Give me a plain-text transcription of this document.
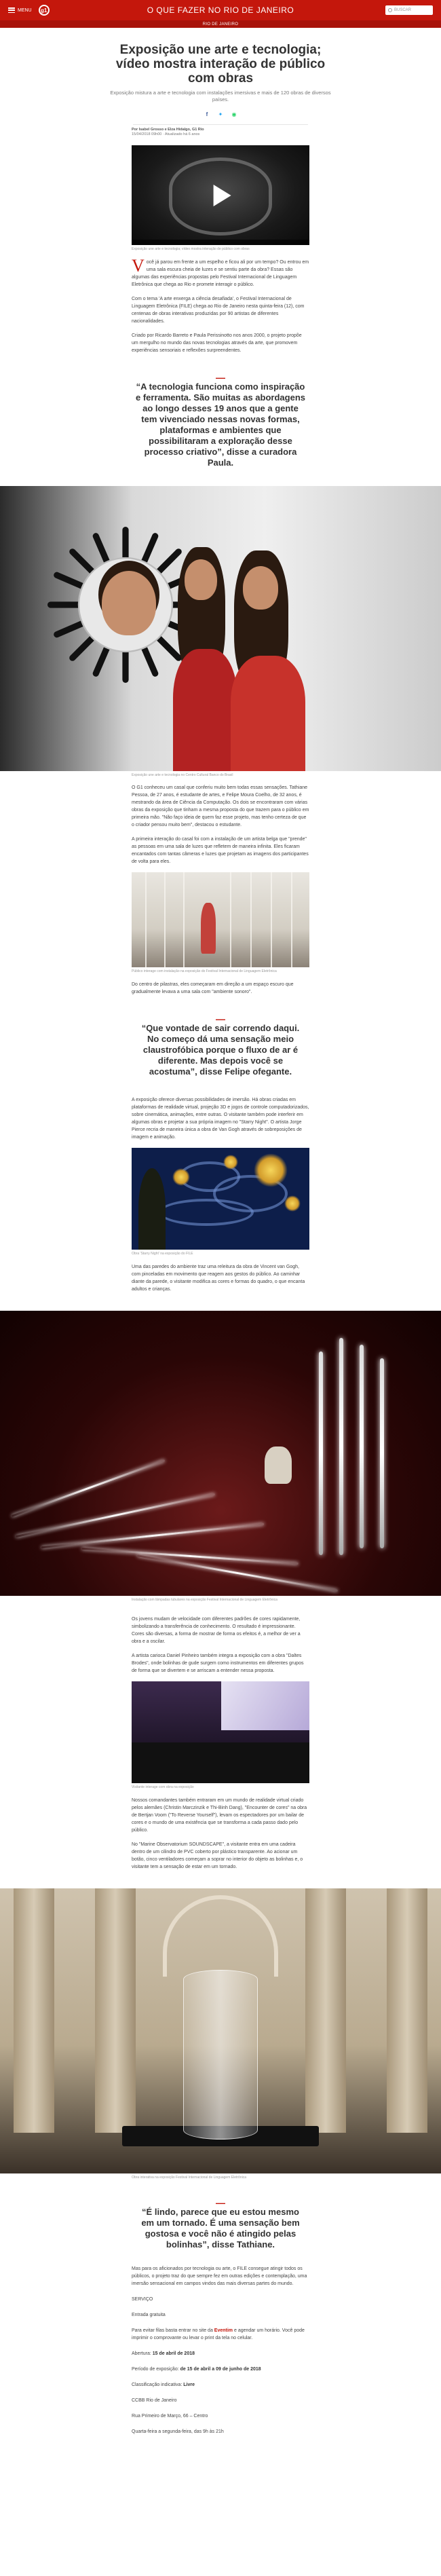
MENU	g1	O QUE FAZER NO RIO DE JANEIRO	BUSCAR
RIO DE JANEIRO
Exposição une arte e tecnologia; vídeo mostra interação de público com obras

Exposição mistura a arte e tecnologia com instalações imersivas e mais de 120 obras de diversos países.

f	✦ ◉
Por Isabel Grosso e Elza Hidalgo, G1 Rio
15/04/2018 09h00 · Atualizado há 6 anos
Exposição une arte e tecnologia; vídeo mostra interação de público com obras

Você já parou em frente a um espelho e ficou ali por um tempo? Ou entrou em uma sala escura cheia de luzes e se sentiu parte da obra? Essas são algumas das experiências propostas pelo Festival Internacional de Linguagem Eletrônica que chega ao Rio e promete interagir o público.

Com o tema 'A arte enxerga a ciência desafiada', o Festival Internacional de Linguagem Eletrônica (FILE) chega ao Rio de Janeiro nesta quinta-feira (12), com centenas de obras interativas produzidas por 90 artistas de diferentes nacionalidades.

Criado por Ricardo Barreto e Paula Perissinotto nos anos 2000, o projeto propõe um mergulho no mundo das novas tecnologias através da arte, que promovem experiências sensoriais e reflexões surpreendentes.

—

“A tecnologia funciona como inspiração e ferramenta. São muitas as abordagens ao longo desses 19 anos que a gente tem vivenciado nessas novas formas, plataformas e ambientes que possibilitaram a exploração desse processo criativo”, disse a curadora Paula.

Exposição une arte e tecnologia no Centro Cultural Banco do Brasil

O G1 conheceu um casal que conferiu muito bem todas essas sensações. Tathiane Pessoa, de 27 anos, é estudante de artes, e Felipe Moura Coelho, de 32 anos, é mestrando da área de Ciência da Computação. Os dois se encontraram com várias obras da exposição que tinham a mesma proposta do que trazem para o público em primeira mão. "Não faço ideia de quem faz esse projeto, mas tenho certeza de que o criador pensou muito bem", destacou o estudante.

A primeira interação do casal foi com a instalação de um artista belga que "prende" as pessoas em uma sala de luzes que refletem de maneira infinita. Eles ficaram encantados com tantas câmeras e luzes que projetam as imagens dos participantes de volta para eles.

Público interage com instalação na exposição do Festival Internacional de Linguagem Eletrônica

Do centro de pilastras, eles começaram em direção a um espaço escuro que gradualmente levava a uma sala com "ambiente sonoro".

—

“Que vontade de sair correndo daqui. No começo dá uma sensação meio claustrofóbica porque o fluxo de ar é diferente. Mas depois você se acostuma”, disse Felipe ofegante.

A exposição oferece diversas possibilidades de imersão. Há obras criadas em plataformas de realidade virtual, projeção 3D e jogos de controle computadorizados, sobre cinemática, animações, entre outras. O visitante também pode interferir em algumas obras e projetar a sua própria imagem no "Starry Night". O artista Jorge Pierce recria de maneira única a obra de Van Gogh através de sobreposições de imagem e animação.

Obra 'Starry Night' na exposição do FILE

Uma das paredes do ambiente traz uma releitura da obra de Vincent van Gogh, com pinceladas em movimento que reagem aos gestos do público. Ao caminhar diante da parede, o visitante modifica as cores e formas do quadro, o que encanta adultos e crianças.

Instalação com lâmpadas tubulares na exposição Festival Internacional de Linguagem Eletrônica

Os jovens mudam de velocidade com diferentes padrões de cores rapidamente, simbolizando a transferência de conhecimento. O resultado é impressionante. Cores são diversas, a forma de mostrar de forma os efeitos é, a melhor de ver a obra e a oscilar.

A artista carioca Daniel Pinheiro também integra a exposição com a obra "Daltes Brodes", onde bolinhas de gude surgem como instrumentos em diferentes grupos de forma que se divertem e se arriscam a entender nessa proposta.

Visitante interage com obra na exposição

Nossos comandantes também entraram em um mundo de realidade virtual criado pelos alemães (Christin Marczinzik e Thi-Binh Dang), "Encounter de cores" na obra de Bertjan Voom ("To Reverse Yourself"), levam os espectadores por um bailar de cores e o mundo de uma existência que se transforma a cada passo dado pelo público.

No "Marine Observatorium SOUNDSCAPE", a visitante entra em uma cadeira dentro de um cilindro de PVC coberto por plástico transparente. Ao acionar um botão, cinco ventiladores começam a soprar no interior do objeto as bolinhas e, o visitante tem a sensação de estar em um tornado.

Obra interativa na exposição Festival Internacional de Linguagem Eletrônica
—

“É lindo, parece que eu estou mesmo em um tornado. É uma sensação bem gostosa e você não é atingido pelas bolinhas”, disse Tathiane.

Mas para os aficionados por tecnologia ou arte, o FILE consegue atingir todos os públicos, o projeto traz do que sempre fez em outras edições e contemplação, uma imersão sensacional em campos vindos das mais diversas partes do mundo.

SERVIÇO

Entrada gratuita

Para evitar filas basta entrar no site da Eventim e agendar um horário. Você pode imprimir o comprovante ou levar o print da tela no celular.

Abertura: 15 de abril de 2018

Período de exposição: de 15 de abril a 09 de junho de 2018

Classificação indicativa: Livre

CCBB Rio de Janeiro

Rua Primeiro de Março, 66 – Centro

Quarta-feira a segunda-feira, das 9h às 21h
